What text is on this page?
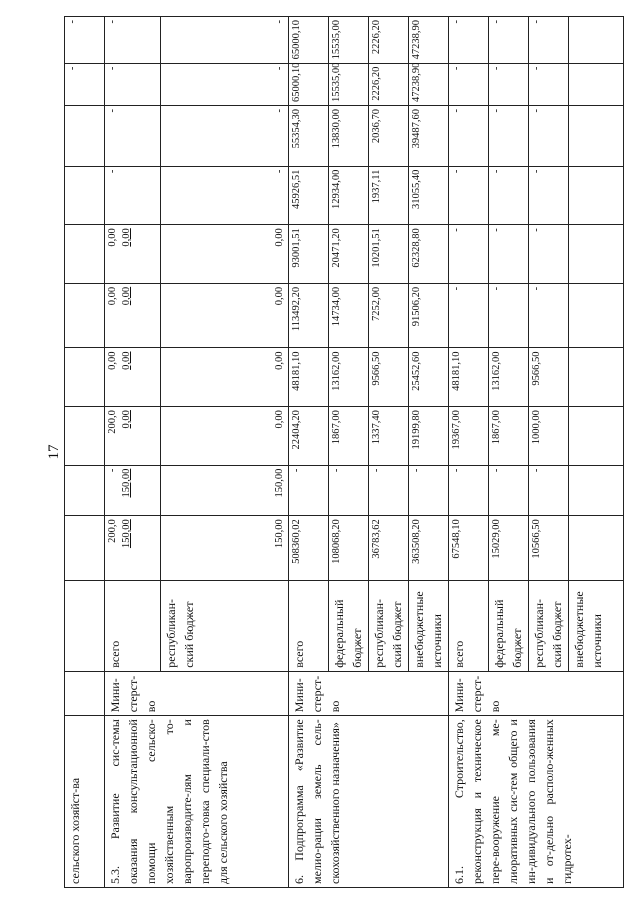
17
сельского хозяйст-ва											-	-
5.3. Развитие сис-темы оказания консультационной помощи сельско-хозяйственным то-варопроизводите-лям и переподго-товка специали-стов для сельского хозяйства	Мини-стерст-во	всего	200,0 150,00	- 150,00	200,0 0,00	0,00 0,00	0,00 0,00	0,00 0,00	-	-	-	-
		республикан-ский бюджет	150,00	150,00	0,00	0,00	0,00	0,00	-	-	-	-
6. Подпрограмма «Развитие мелио-рации земель сель-скохозяйственного назначения»	Мини-стерст-во	всего	508360,02	-	22404,20	48181,10	113492,20	93001,51	45926,51	55354,30	65000,10	65000,10
		федеральный бюджет	108068,20	-	1867,00	13162,00	14734,00	20471,20	12934,00	13830,00	15535,00	15535,00
		республикан-ский бюджет	36783,62	-	1337,40	9566,50	7252,00	10201,51	1937,11	2036,70	2226,20	2226,20
		внебюджетные источники	363508,20	-	19199,80	25452,60	91506,20	62328,80	31055,40	39487,60	47238,90	47238,90
6.1. Строительство, реконструкция и техническое пере-вооружение ме-лиоративных сис-тем общего и ин-дивидуального пользования и от-дельно располо-женных гидротех-	Мини-стерст-во	всего	67548,10	-	19367,00	48181,10	-	-	-	-	-	-
		федеральный бюджет	15029,00	-	1867,00	13162,00	-	-	-	-	-	-
		республикан-ский бюджет	10566,50	-	1000,00	9566,50	-	-	-	-	-	-
		внебюджетные источники										
